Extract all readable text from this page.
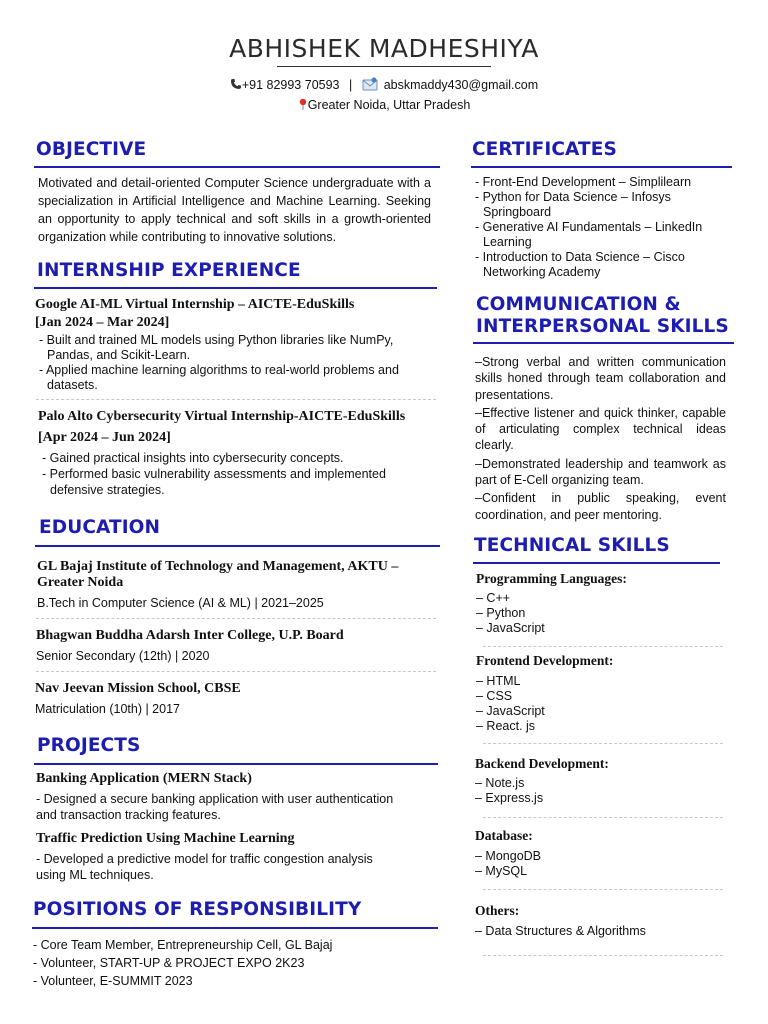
ABHISHEK MADHESHIYA
+91 82993 70593 |	abskmaddy430@gmail.com
Greater Noida, Uttar Pradesh
OBJECTIVE
Motivated and detail-oriented Computer Science undergraduate with a specialization in Artificial Intelligence and Machine Learning. Seeking an opportunity to apply technical and soft skills in a growth-oriented organization while contributing to innovative solutions.
INTERNSHIP EXPERIENCE
Google AI-ML Virtual Internship – AICTE-EduSkills
[Jan 2024 – Mar 2024]
- Built and trained ML models using Python libraries like NumPy, Pandas, and Scikit-Learn.
- Applied machine learning algorithms to real-world problems and datasets.
Palo Alto Cybersecurity Virtual Internship-AICTE-EduSkills
[Apr 2024 – Jun 2024]
- Gained practical insights into cybersecurity concepts.
- Performed basic vulnerability assessments and implemented defensive strategies.
EDUCATION
GL Bajaj Institute of Technology and Management, AKTU – Greater Noida
B.Tech in Computer Science (AI & ML) | 2021–2025
Bhagwan Buddha Adarsh Inter College, U.P. Board
Senior Secondary (12th) | 2020
Nav Jeevan Mission School, CBSE
Matriculation (10th) | 2017
PROJECTS
Banking Application (MERN Stack)
- Designed a secure banking application with user authentication and transaction tracking features.
Traffic Prediction Using Machine Learning
- Developed a predictive model for traffic congestion analysis using ML techniques.
POSITIONS OF RESPONSIBILITY
- Core Team Member, Entrepreneurship Cell, GL Bajaj
- Volunteer, START-UP & PROJECT EXPO 2K23
- Volunteer, E-SUMMIT 2023
CERTIFICATES
- Front-End Development – Simplilearn
- Python for Data Science – Infosys Springboard
- Generative AI Fundamentals – LinkedIn Learning
- Introduction to Data Science – Cisco Networking Academy
COMMUNICATION &
INTERPERSONAL SKILLS
–Strong verbal and written communication skills honed through team collaboration and presentations.
–Effective listener and quick thinker, capable of articulating complex technical ideas clearly.
–Demonstrated leadership and teamwork as part of E-Cell organizing team.
–Confident in public speaking, event coordination, and peer mentoring.
TECHNICAL SKILLS
Programming Languages:
– C++
– Python
– JavaScript
Frontend Development:
– HTML
– CSS
– JavaScript
– React. js
Backend Development:
– Note.js
– Express.js
Database:
– MongoDB
– MySQL
Others:
– Data Structures & Algorithms
